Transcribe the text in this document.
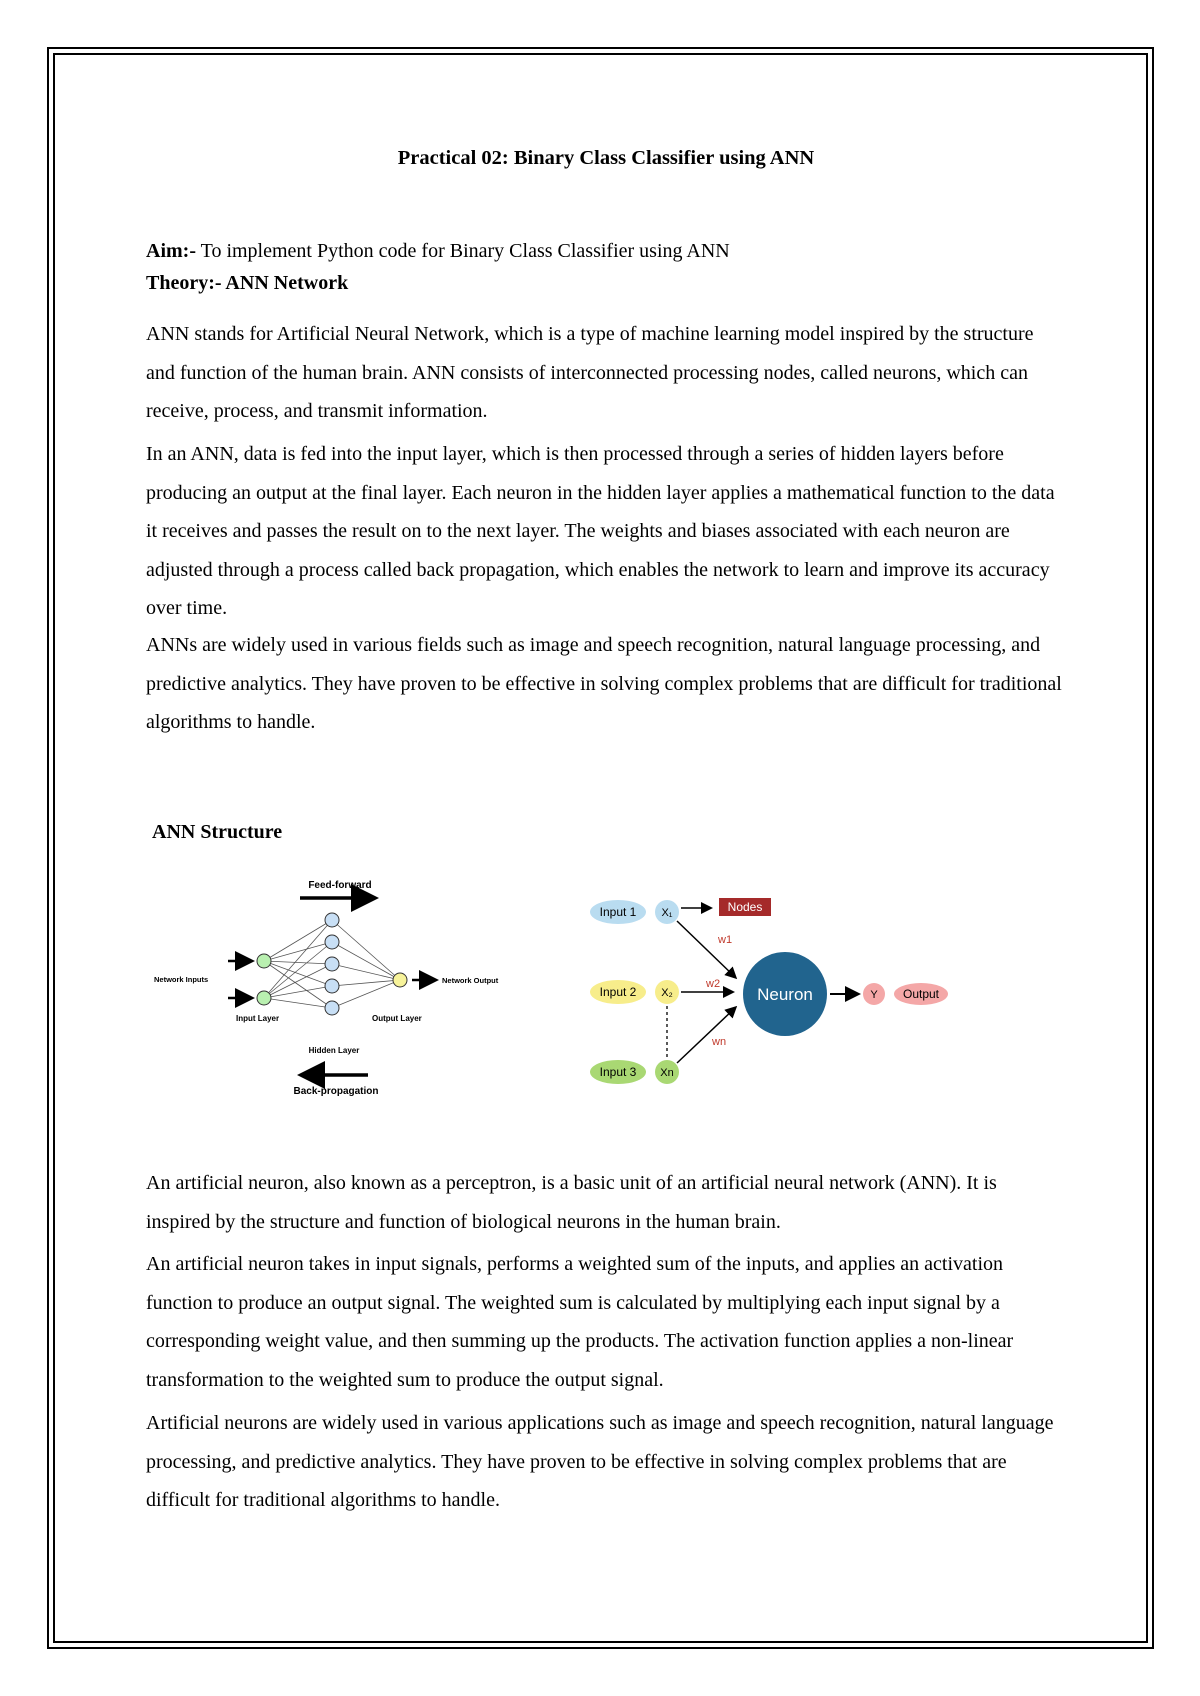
Practical 02: Binary Class Classifier using ANN

Aim:- To implement Python code for Binary Class Classifier using ANN

Theory:- ANN Network

ANN stands for Artificial Neural Network, which is a type of machine learning model inspired by the structure and function of the human brain. ANN consists of interconnected processing nodes, called neurons, which can receive, process, and transmit information.

In an ANN, data is fed into the input layer, which is then processed through a series of hidden layers before producing an output at the final layer. Each neuron in the hidden layer applies a mathematical function to the data it receives and passes the result on to the next layer. The weights and biases associated with each neuron are adjusted through a process called back propagation, which enables the network to learn and improve its accuracy over time.

ANNs are widely used in various fields such as image and speech recognition, natural language processing, and predictive analytics. They have proven to be effective in solving complex problems that are difficult for traditional algorithms to handle.

ANN Structure

An artificial neuron, also known as a perceptron, is a basic unit of an artificial neural network (ANN). It is inspired by the structure and function of biological neurons in the human brain.

An artificial neuron takes in input signals, performs a weighted sum of the inputs, and applies an activation function to produce an output signal. The weighted sum is calculated by multiplying each input signal by a corresponding weight value, and then summing up the products. The activation function applies a non-linear transformation to the weighted sum to produce the output signal.

Artificial neurons are widely used in various applications such as image and speech recognition, natural language processing, and predictive analytics. They have proven to be effective in solving complex problems that are difficult for traditional algorithms to handle.

Feed-forward
Network Inputs
Input Layer
Hidden Layer
Network Output
Output Layer
Back-propagation
Input 1 X₁
Input 2 X₂
Input 3 Xn
Nodes
w1
w2
wn
Neuron	Y Output
